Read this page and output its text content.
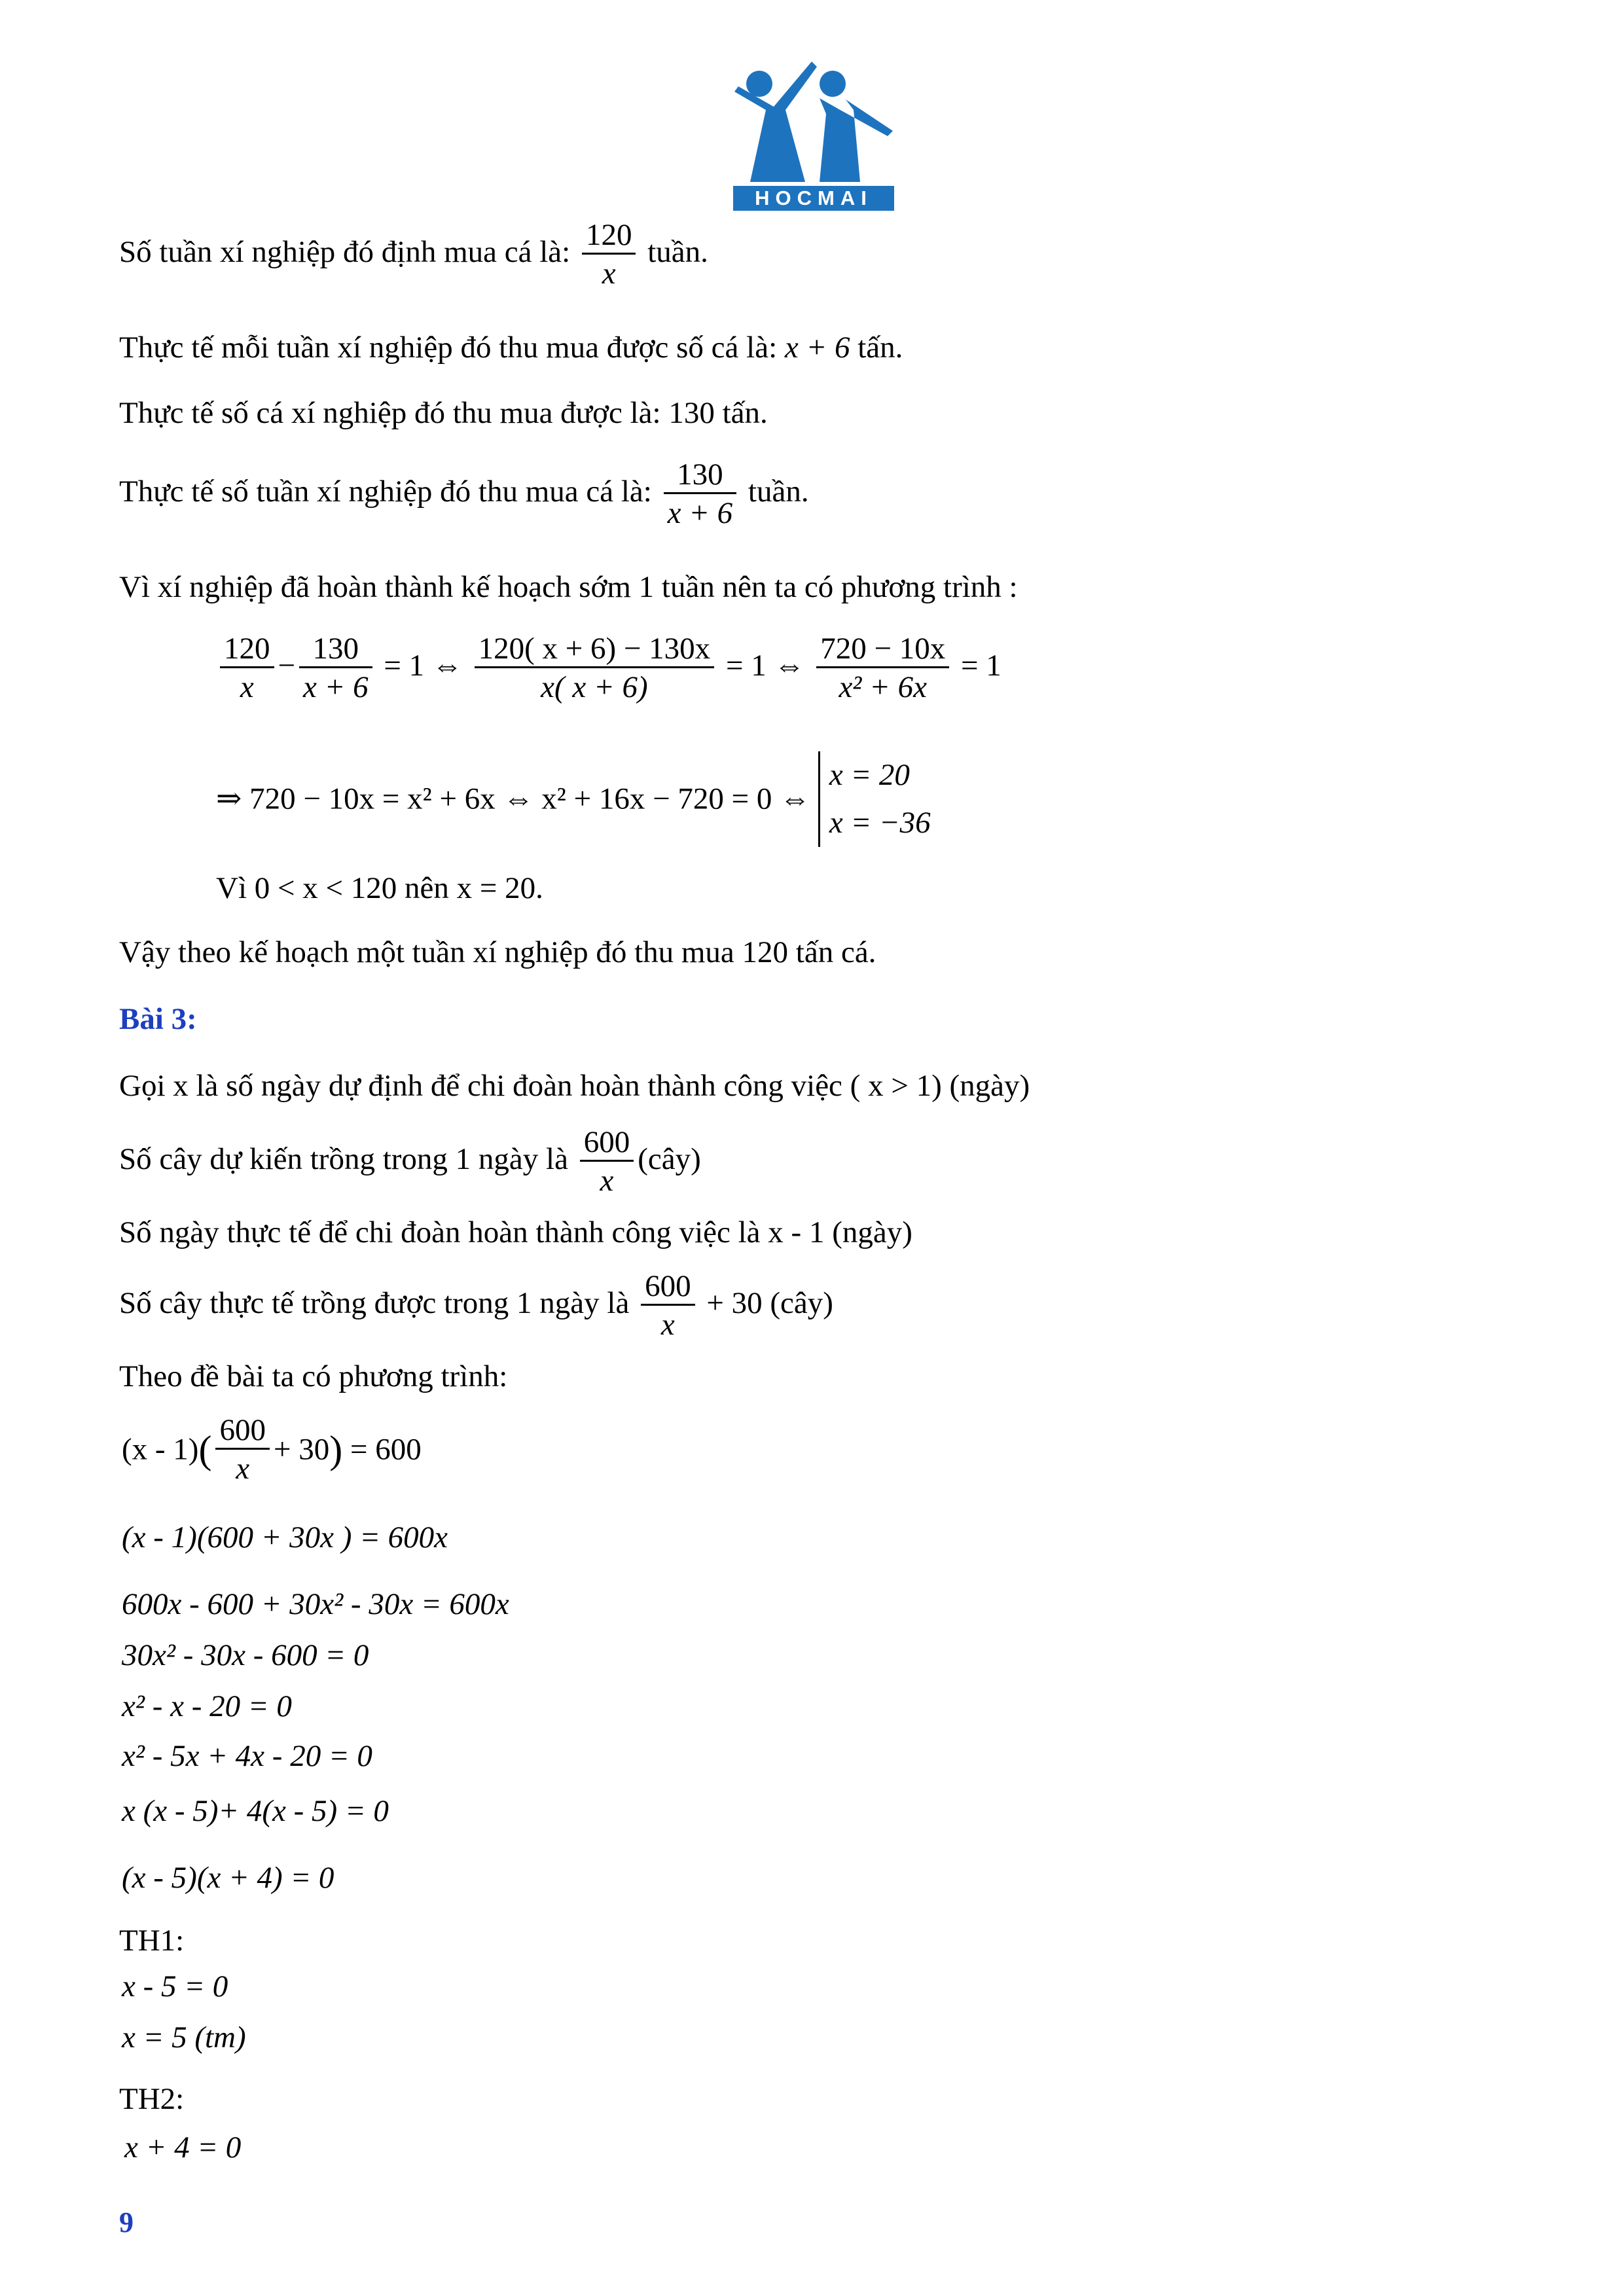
HOCMAI
Số tuần xí nghiệp đó định mua cá là: $\frac{120}{x}$ tuần.
Thực tế mỗi tuần xí nghiệp đó thu mua được số cá là: x + 6 tấn.
Thực tế số cá xí nghiệp đó thu mua được là: 130 tấn.
Thực tế số tuần xí nghiệp đó thu mua cá là: $\frac{130}{x + 6}$ tuần.
Vì xí nghiệp đã hoàn thành kế hoạch sớm 1 tuần nên ta có phương trình :
$\frac{120}{x} - \frac{130}{x + 6} = 1$ ⇔ $\frac{120( x + 6) - 130x}{x( x + 6)} = 1$ ⇔ $\frac{720 - 10x}{\text{x² + 6x}} = 1$
⇒ 720 − 10x = x² + 6x ⇔ x² + 16x − 720 = 0 ⇔
x = 20
x = −36
Vì 0 < x < 120 nên x = 20.
Vậy theo kế hoạch một tuần xí nghiệp đó thu mua 120 tấn cá.
Bài 3:
Gọi x là số ngày dự định để chi đoàn hoàn thành công việc ( x > 1) (ngày)
Số cây dự kiến trồng trong 1 ngày là $\frac{600}{x}$ (cây)
Số ngày thực tế để chi đoàn hoàn thành công việc là x - 1 (ngày)
Số cây thực tế trồng được trong 1 ngày là $\frac{600}{x} + 30$ (cây)
Theo đề bài ta có phương trình:
$(x - 1)( \frac{600}{x} + 30) = 600$
(x - 1)(600 + 30x ) = 600x
600x - 600 + 30x² - 30x = 600x
30x² - 30x - 600 = 0
x² - x - 20 = 0
x² - 5x + 4x - 20 = 0
x (x - 5)+ 4(x - 5) = 0
(x - 5)(x + 4) = 0
TH1:
x - 5 = 0
x = 5 (tm)
TH2:
x + 4 = 0
9
